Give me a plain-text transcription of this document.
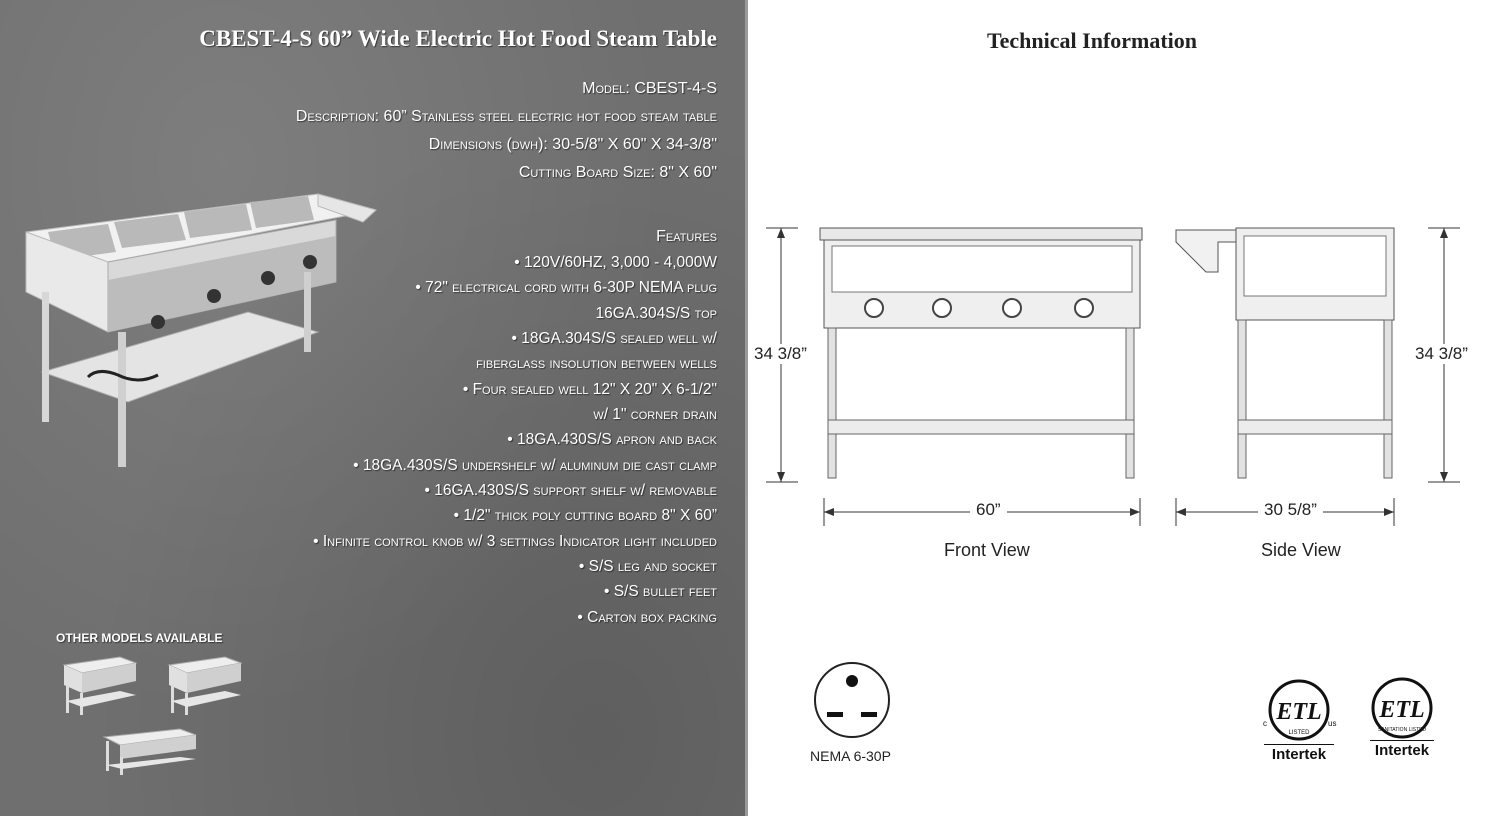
CBEST-4-S 60” Wide Electric Hot Food Steam Table
Model: CBEST-4-S
Description: 60” Stainless steel electric hot food steam table
Dimensions (dwh): 30-5/8" X 60" X 34-3/8"
Cutting Board Size: 8" X 60"
Features
• 120V/60HZ, 3,000 - 4,000W
• 72" electrical cord with 6-30P NEMA plug
16GA.304S/S top
• 18GA.304S/S sealed well w/
fiberglass insolution between wells
• Four sealed well 12" X 20" X 6-1/2"
w/ 1" corner drain
• 18GA.430S/S apron and back
• 18GA.430S/S undershelf w/ aluminum die cast clamp
• 16GA.430S/S support shelf w/ removable
• 1/2" thick poly cutting board 8" X 60”
• Infinite control knob w/ 3 settings Indicator light included
• S/S leg and socket
• S/S bullet feet
• Carton box packing
OTHER MODELS AVAILABLE
Technical Information
34 3/8”
60”
Front View
34 3/8”
30 5/8”
Side View
NEMA 6-30P
ETL
LISTED
c	us
Intertek
ETL
SANITATION LISTED
Intertek
